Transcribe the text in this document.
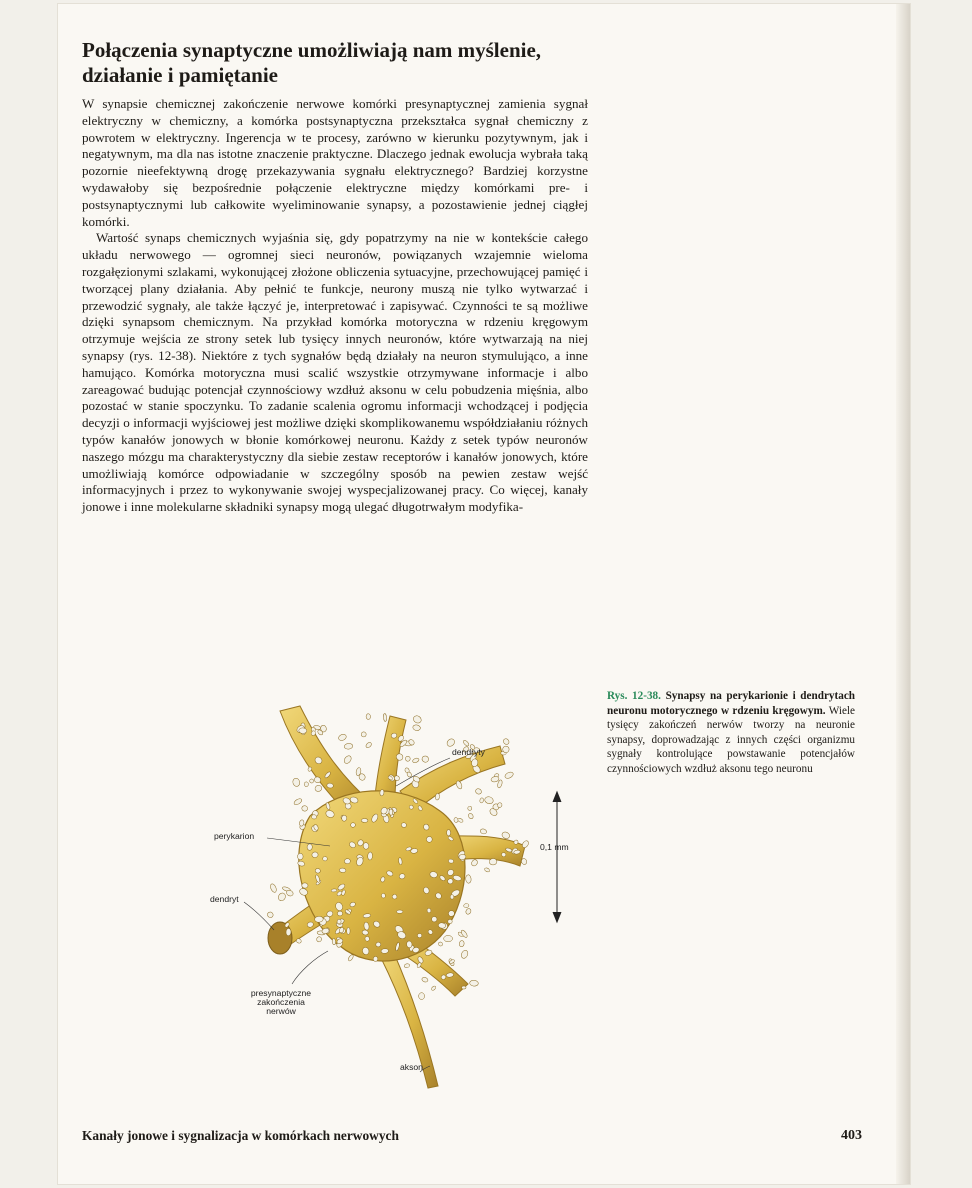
Połączenia synaptyczne umożliwiają nam myślenie,
działanie i pamiętanie

W synapsie chemicznej zakończenie nerwowe komórki presynaptycznej zamienia sygnał elektryczny w chemiczny, a komórka postsynaptyczna przekształca sygnał chemiczny z powrotem w elektryczny. Ingerencja w te procesy, zarówno w kierunku pozytywnym, jak i negatywnym, ma dla nas istotne znaczenie praktyczne. Dlaczego jednak ewolucja wybrała taką pozornie nieefektywną drogę przekazywania sygnału elektrycznego? Bardziej korzystne wydawałoby się bezpośrednie połączenie elektryczne między komórkami pre- i postsynaptycznymi lub całkowite wyeliminowanie synapsy, a pozostawienie jednej ciągłej komórki.

Wartość synaps chemicznych wyjaśnia się, gdy popatrzymy na nie w kontekście całego układu nerwowego — ogromnej sieci neuronów, powiązanych wzajemnie wieloma rozgałęzionymi szlakami, wykonującej złożone obliczenia sytuacyjne, przechowującej pamięć i tworzącej plany działania. Aby pełnić te funkcje, neurony muszą nie tylko wytwarzać i przewodzić sygnały, ale także łączyć je, interpretować i zapisywać. Czynności te są możliwe dzięki synapsom chemicznym. Na przykład komórka motoryczna w rdzeniu kręgowym otrzymuje wejścia ze strony setek lub tysięcy innych neuronów, które wytwarzają na niej synapsy (rys. 12-38). Niektóre z tych sygnałów będą działały na neuron stymulująco, a inne hamująco. Komórka motoryczna musi scalić wszystkie otrzymywane informacje i albo zareagować budując potencjał czynnościowy wzdłuż aksonu w celu pobudzenia mięśnia, albo pozostać w stanie spoczynku. To zadanie scalenia ogromu informacji wchodzącej i podjęcia decyzji o informacji wyjściowej jest możliwe dzięki skomplikowanemu współdziałaniu różnych typów kanałów jonowych w błonie komórkowej neuronu. Każdy z setek typów neuronów naszego mózgu ma charakterystyczny dla siebie zestaw receptorów i kanałów jonowych, które umożliwiają komórce odpowiadanie w szczególny sposób na pewien zestaw wejść informacyjnych i przez to wykonywanie swojej wyspecjalizowanej pracy. Co więcej, kanały jonowe i inne molekularne składniki synapsy mogą ulegać długotrwałym modyfika-

dendryty
perykarion
dendryt
presynaptyczne
zakończenia
nerwów
akson
0,1 mm
Rys. 12-38. Synapsy na perykarionie i dendrytach neuronu motorycznego w rdzeniu kręgowym. Wiele tysięcy zakończeń nerwów tworzy na neuronie synapsy, doprowadzając z innych części organizmu sygnały kontrolujące powstawanie potencjałów czynnościowych wzdłuż aksonu tego neuronu
Kanały jonowe i sygnalizacja w komórkach nerwowych	403
